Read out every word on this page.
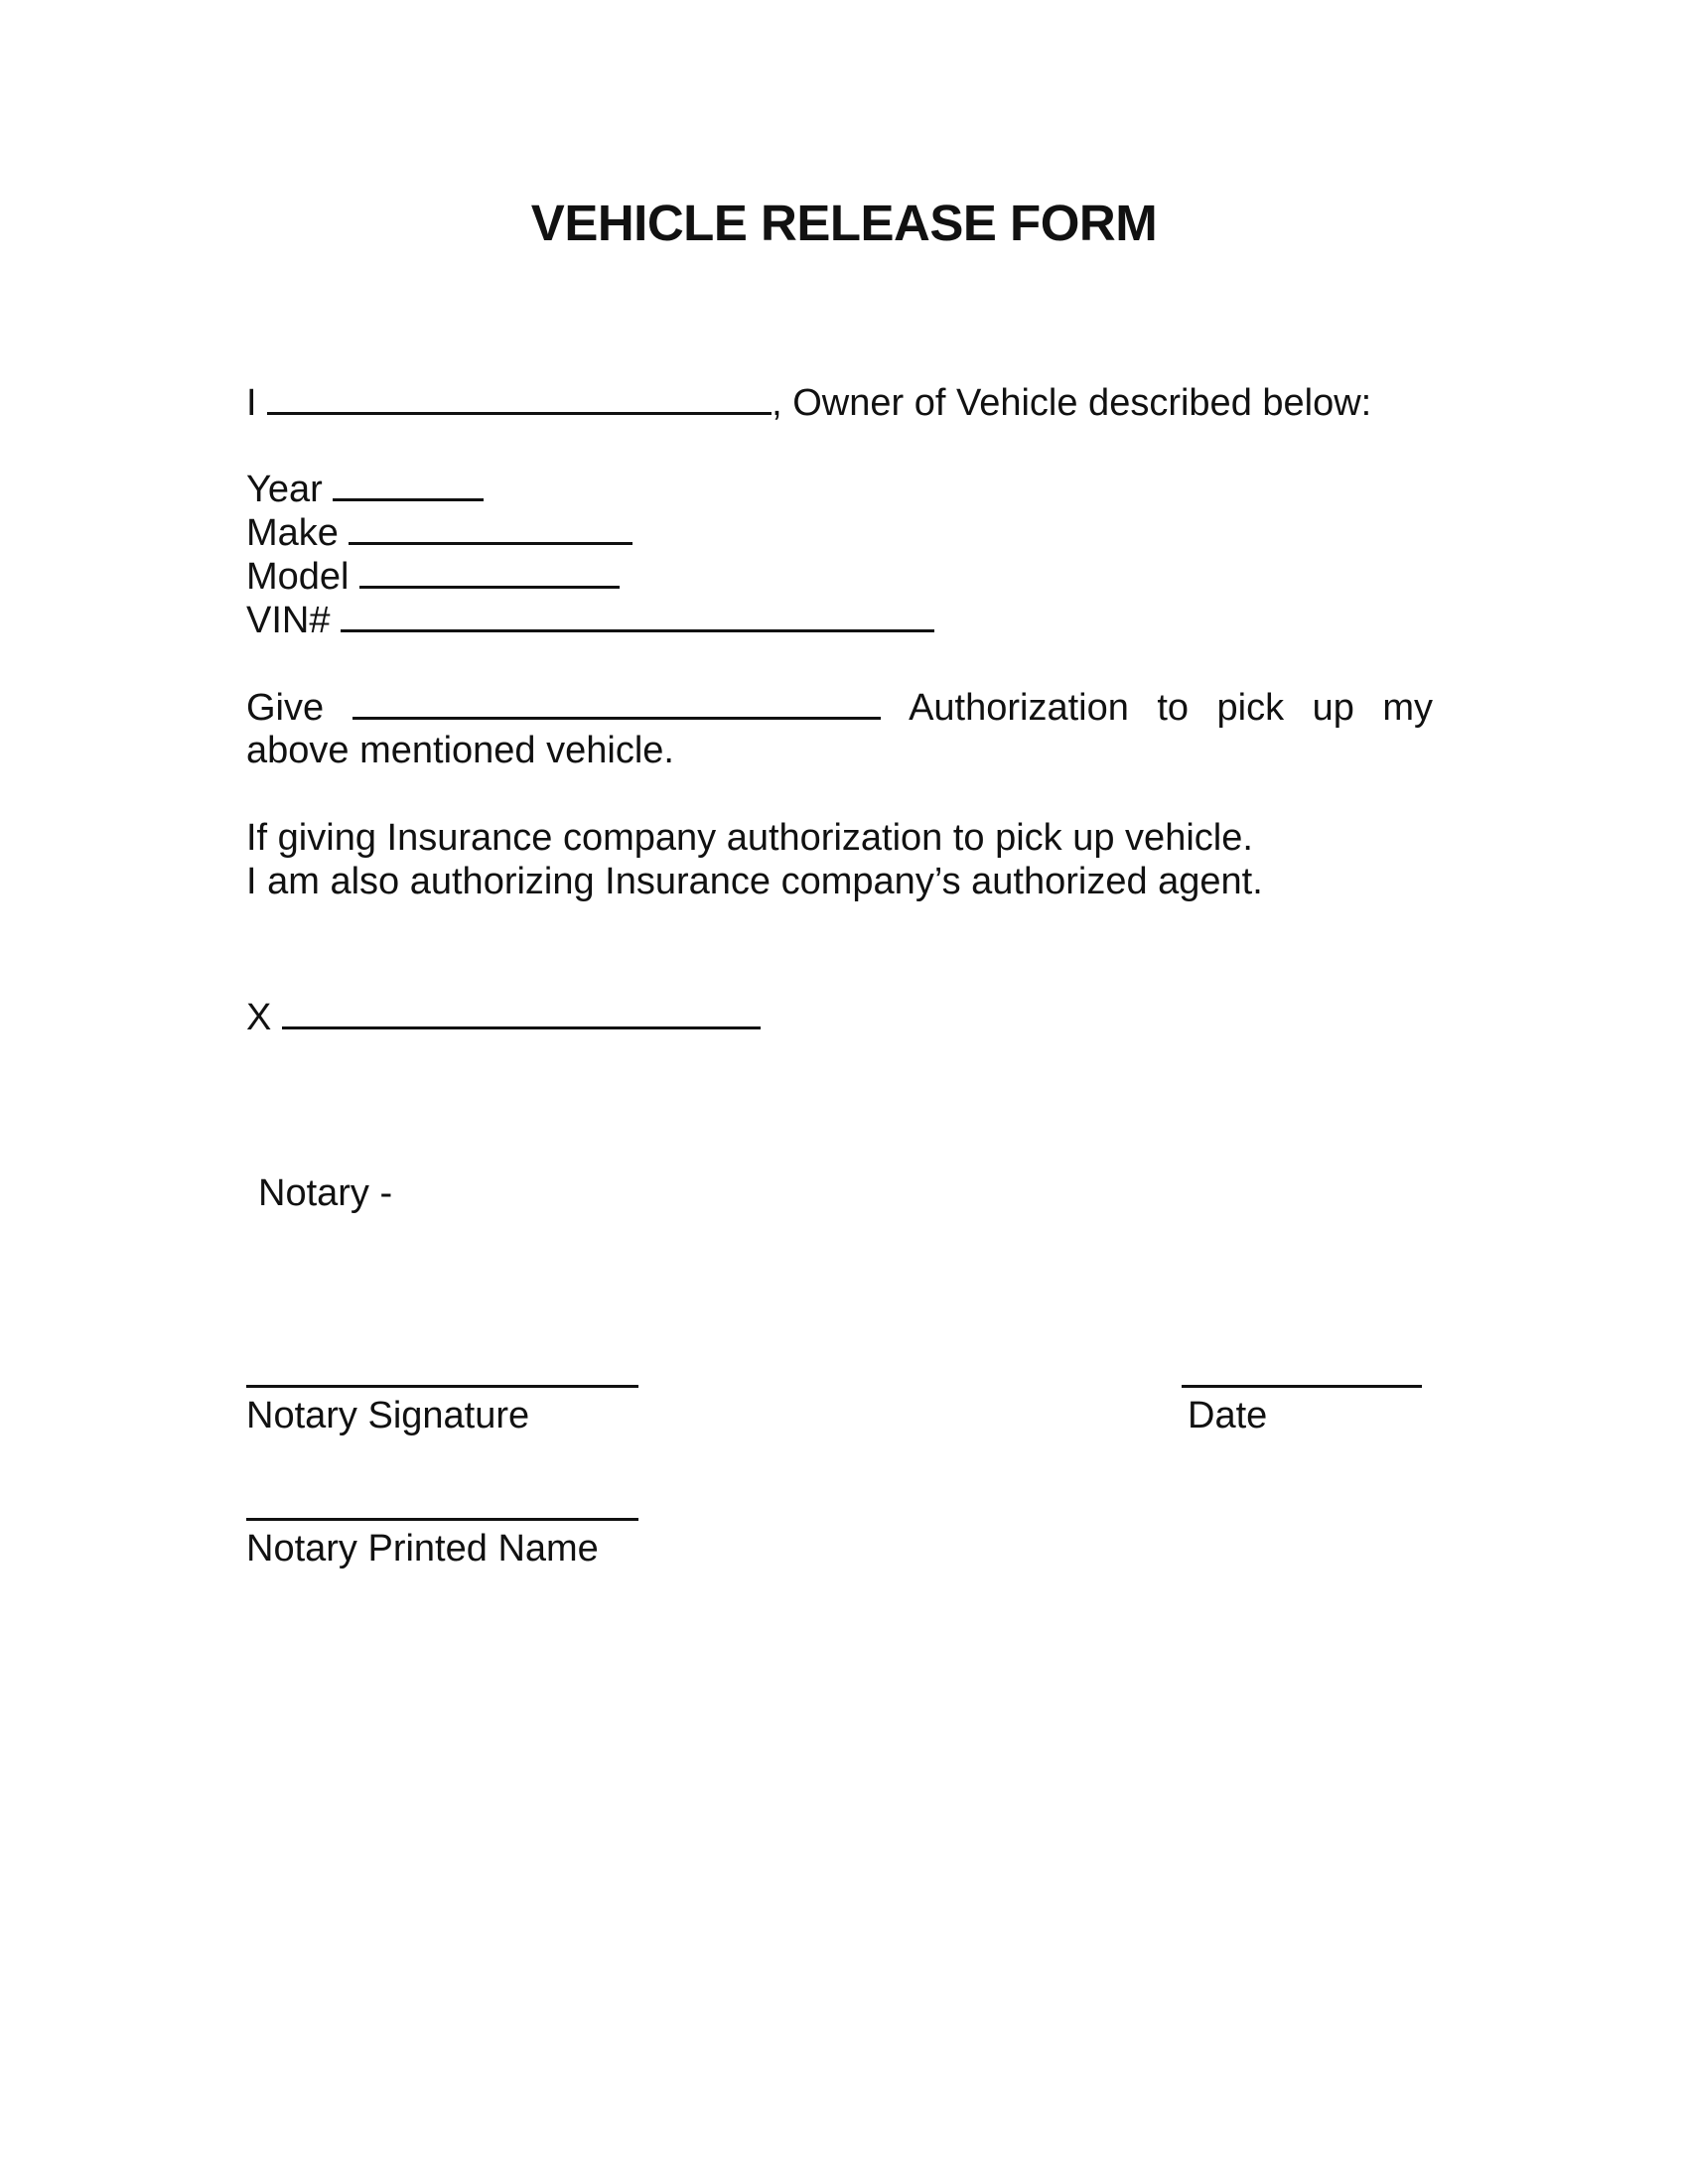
VEHICLE RELEASE FORM
I	, Owner of Vehicle described below:
Year
Make
Model
VIN#
Give	Authorization to pick up my
above mentioned vehicle.
If giving Insurance company authorization to pick up vehicle.
I am also authorizing Insurance company’s authorized agent.
X
Notary -
Notary Signature	Date
Notary Printed Name
